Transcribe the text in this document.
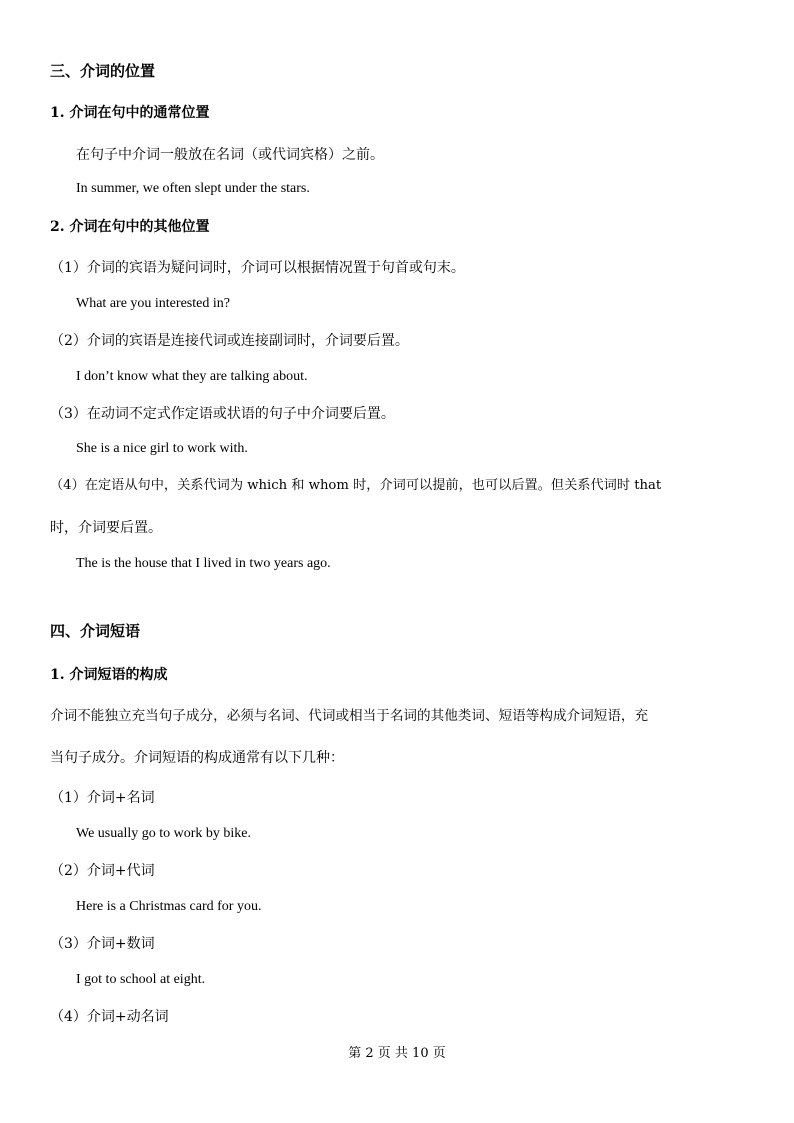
三、介词的位置
1. 介词在句中的通常位置
在句子中介词一般放在名词（或代词宾格）之前。
In summer, we often slept under the stars.
2. 介词在句中的其他位置
（1）介词的宾语为疑问词时，介词可以根据情况置于句首或句末。
What are you interested in?
（2）介词的宾语是连接代词或连接副词时，介词要后置。
I don’t know what they are talking about.
（3）在动词不定式作定语或状语的句子中介词要后置。
She is a nice girl to work with.
（4）在定语从句中，关系代词为 which 和 whom 时，介词可以提前，也可以后置。但关系代词时 that
时，介词要后置。
The is the house that I lived in two years ago.
四、介词短语
1. 介词短语的构成
介词不能独立充当句子成分，必须与名词、代词或相当于名词的其他类词、短语等构成介词短语，充
当句子成分。介词短语的构成通常有以下几种：
（1）介词+名词
We usually go to work by bike.
（2）介词+代词
Here is a Christmas card for you.
（3）介词+数词
I got to school at eight.
（4）介词+动名词
第 2 页 共 10 页
